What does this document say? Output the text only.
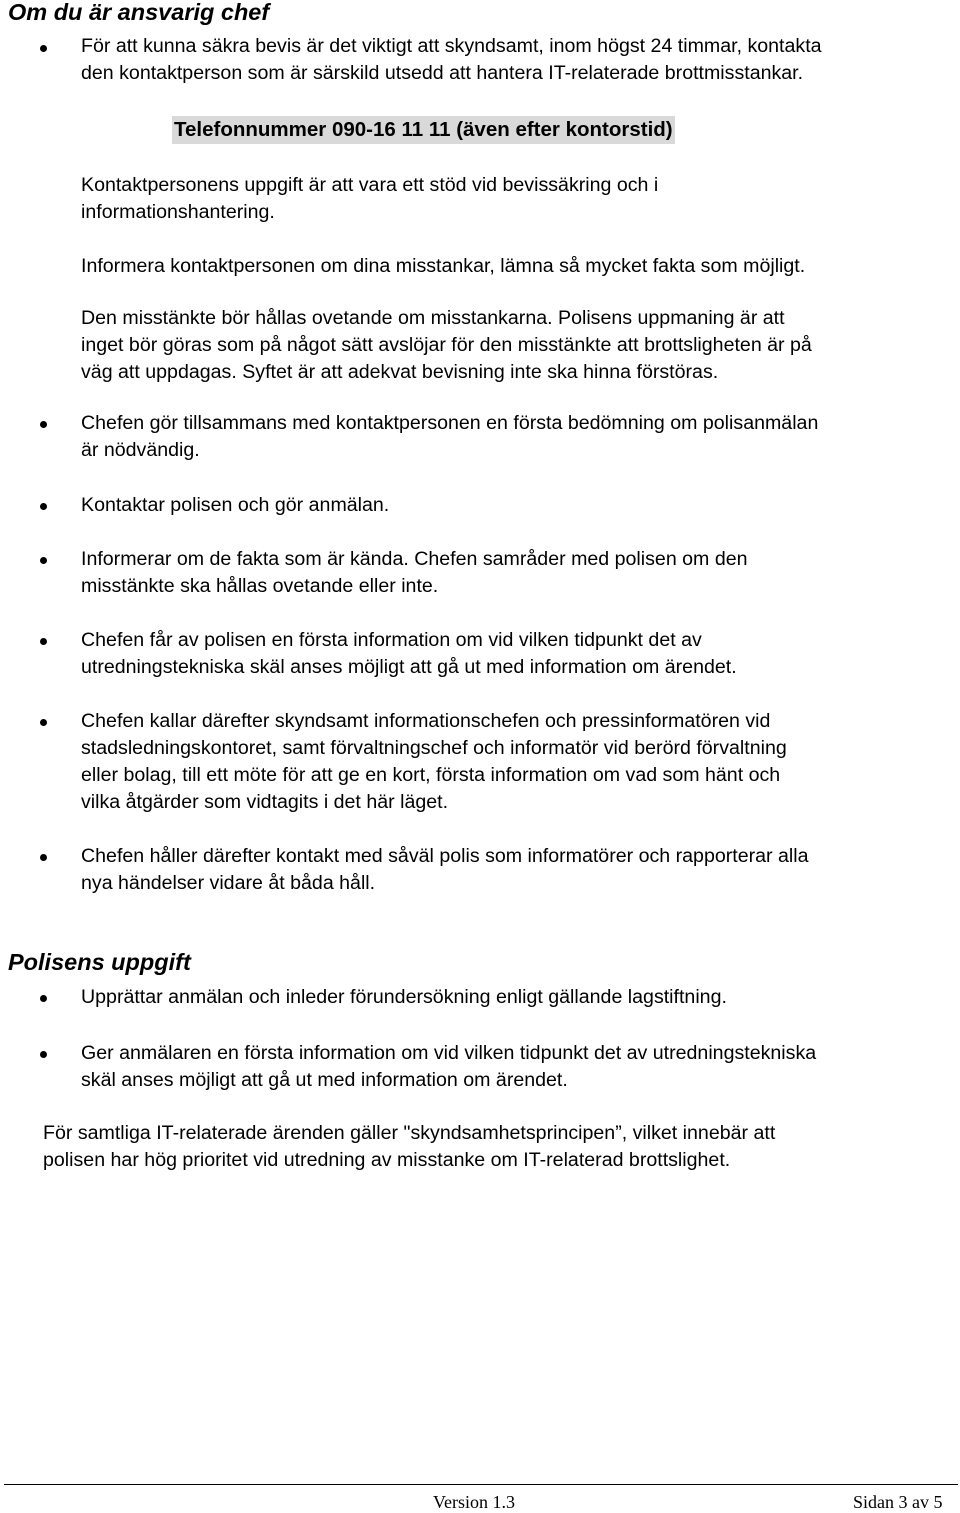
Om du är ansvarig chef
För att kunna säkra bevis är det viktigt att skyndsamt, inom högst 24 timmar, kontakta
den kontaktperson som är särskild utsedd att hantera IT-relaterade brottmisstankar.
Telefonnummer 090-16 11 11 (även efter kontorstid)
Kontaktpersonens uppgift är att vara ett stöd vid bevissäkring och i
informationshantering.
Informera kontaktpersonen om dina misstankar, lämna så mycket fakta som möjligt.
Den misstänkte bör hållas ovetande om misstankarna. Polisens uppmaning är att
inget bör göras som på något sätt avslöjar för den misstänkte att brottsligheten är på
väg att uppdagas. Syftet är att adekvat bevisning inte ska hinna förstöras.
Chefen gör tillsammans med kontaktpersonen en första bedömning om polisanmälan
är nödvändig.
Kontaktar polisen och gör anmälan.
Informerar om de fakta som är kända. Chefen samråder med polisen om den
misstänkte ska hållas ovetande eller inte.
Chefen får av polisen en första information om vid vilken tidpunkt det av
utredningstekniska skäl anses möjligt att gå ut med information om ärendet.
Chefen kallar därefter skyndsamt informationschefen och pressinformatören vid
stadsledningskontoret, samt förvaltningschef och informatör vid berörd förvaltning
eller bolag, till ett möte för att ge en kort, första information om vad som hänt och
vilka åtgärder som vidtagits i det här läget.
Chefen håller därefter kontakt med såväl polis som informatörer och rapporterar alla
nya händelser vidare åt båda håll.
Polisens uppgift
Upprättar anmälan och inleder förundersökning enligt gällande lagstiftning.
Ger anmälaren en första information om vid vilken tidpunkt det av utredningstekniska
skäl anses möjligt att gå ut med information om ärendet.
För samtliga IT-relaterade ärenden gäller "skyndsamhetsprincipen”, vilket innebär att
polisen har hög prioritet vid utredning av misstanke om IT-relaterad brottslighet.
Version 1.3	Sidan 3 av 5
